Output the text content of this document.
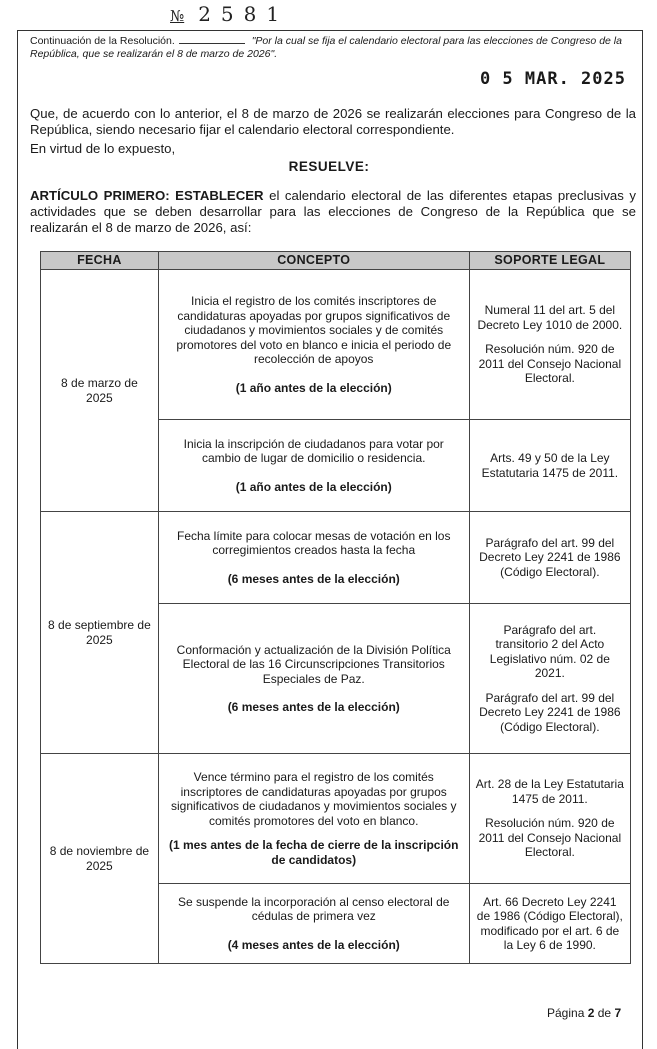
№ 2581
Continuación de la Resolución.	"Por la cual se fija el calendario electoral para las elecciones de Congreso de la República, que se realizarán el 8 de marzo de 2026".
0 5 MAR. 2025
Que, de acuerdo con lo anterior, el 8 de marzo de 2026 se realizarán elecciones para Congreso de la República, siendo necesario fijar el calendario electoral correspondiente.
En virtud de lo expuesto,
RESUELVE:
ARTÍCULO PRIMERO: ESTABLECER el calendario electoral de las diferentes etapas preclusivas y actividades que se deben desarrollar para las elecciones de Congreso de la República que se realizarán el 8 de marzo de 2026, así:
FECHA	CONCEPTO	SOPORTE LEGAL
8 de marzo de 2025	Inicia el registro de los comités inscriptores de candidaturas apoyadas por grupos significativos de ciudadanos y movimientos sociales y de comités promotores del voto en blanco e inicia el periodo de recolección de apoyos
(1 año antes de la elección)	Numeral 11 del art. 5 del Decreto Ley 1010 de 2000.
Resolución núm. 920 de 2011 del Consejo Nacional Electoral.

	Inicia la inscripción de ciudadanos para votar por cambio de lugar de domicilio o residencia.
(1 año antes de la elección)	Arts. 49 y 50 de la Ley Estatutaria 1475 de 2011.

8 de septiembre de 2025	Fecha límite para colocar mesas de votación en los corregimientos creados hasta la fecha
(6 meses antes de la elección)	Parágrafo del art. 99 del Decreto Ley 2241 de 1986 (Código Electoral).

	Conformación y actualización de la División Política Electoral de las 16 Circunscripciones Transitorios Especiales de Paz.
(6 meses antes de la elección)	Parágrafo del art. transitorio 2 del Acto Legislativo núm. 02 de 2021.
Parágrafo del art. 99 del Decreto Ley 2241 de 1986 (Código Electoral).

8 de noviembre de 2025	Vence término para el registro de los comités inscriptores de candidaturas apoyadas por grupos significativos de ciudadanos y movimientos sociales y comités promotores del voto en blanco.
(1 mes antes de la fecha de cierre de la inscripción de candidatos)	Art. 28 de la Ley Estatutaria 1475 de 2011.
Resolución núm. 920 de 2011 del Consejo Nacional Electoral.

	Se suspende la incorporación al censo electoral de cédulas de primera vez
(4 meses antes de la elección)	Art. 66 Decreto Ley 2241 de 1986 (Código Electoral), modificado por el art. 6 de la Ley 6 de 1990.
Página 2 de 7
